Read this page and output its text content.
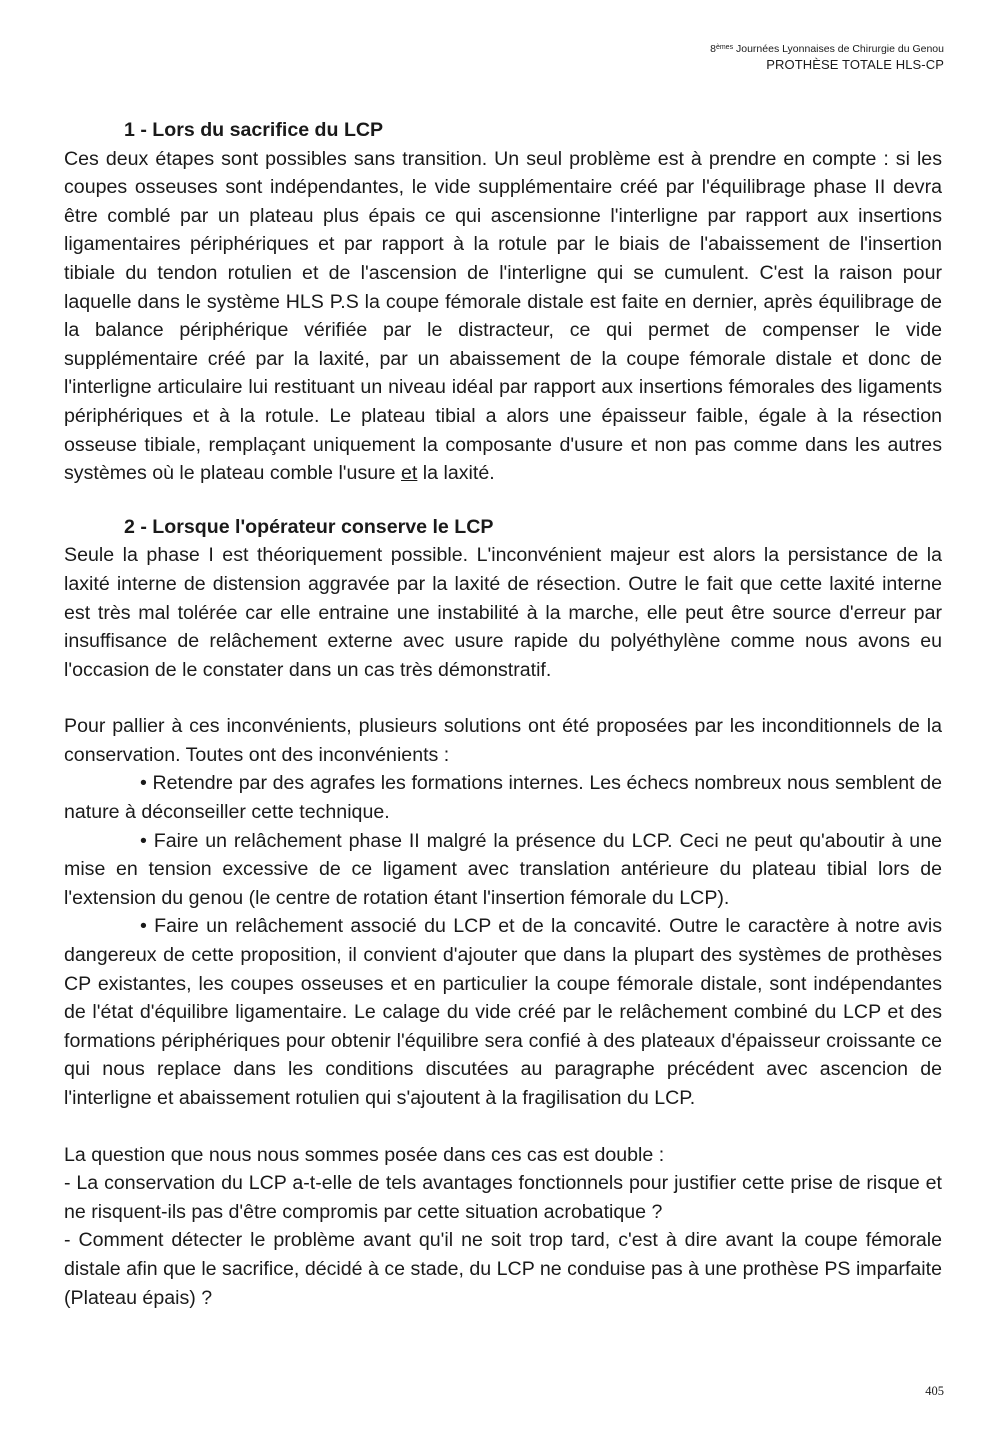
8èmes Journées Lyonnaises de Chirurgie du Genou
PROTHÈSE TOTALE HLS-CP
1 - Lors du sacrifice du LCP

Ces deux étapes sont possibles sans transition. Un seul problème est à prendre en compte : si les coupes osseuses sont indépendantes, le vide supplémentaire créé par l'équilibrage phase II devra être comblé par un plateau plus épais ce qui ascensionne l'interligne par rapport aux insertions ligamentaires périphériques et par rapport à la rotule par le biais de l'abaissement de l'insertion tibiale du tendon rotulien et de l'ascension de l'interligne qui se cumulent. C'est la raison pour laquelle dans le système HLS P.S la coupe fémorale distale est faite en dernier, après équilibrage de la balance périphérique vérifiée par le distracteur, ce qui permet de compenser le vide supplémentaire créé par la laxité, par un abaissement de la coupe fémorale distale et donc de l'interligne articulaire lui restituant un niveau idéal par rapport aux insertions fémorales des ligaments périphériques et à la rotule. Le plateau tibial a alors une épaisseur faible, égale à la résection osseuse tibiale, remplaçant uniquement la composante d'usure et non pas comme dans les autres systèmes où le plateau comble l'usure et la laxité.

2 - Lorsque l'opérateur conserve le LCP

Seule la phase I est théoriquement possible. L'inconvénient majeur est alors la persistance de la laxité interne de distension aggravée par la laxité de résection. Outre le fait que cette laxité interne est très mal tolérée car elle entraine une instabilité à la marche, elle peut être source d'erreur par insuffisance de relâchement externe avec usure rapide du polyéthylène comme nous avons eu l'occasion de le constater dans un cas très démonstratif.

Pour pallier à ces inconvénients, plusieurs solutions ont été proposées par les inconditionnels de la conservation. Toutes ont des inconvénients :

• Retendre par des agrafes les formations internes. Les échecs nombreux nous semblent de nature à déconseiller cette technique.

• Faire un relâchement phase II malgré la présence du LCP. Ceci ne peut qu'aboutir à une mise en tension excessive de ce ligament avec translation antérieure du plateau tibial lors de l'extension du genou (le centre de rotation étant l'insertion fémorale du LCP).

• Faire un relâchement associé du LCP et de la concavité. Outre le caractère à notre avis dangereux de cette proposition, il convient d'ajouter que dans la plupart des systèmes de prothèses CP existantes, les coupes osseuses et en particulier la coupe fémorale distale, sont indépendantes de l'état d'équilibre ligamentaire. Le calage du vide créé par le relâchement combiné du LCP et des formations périphériques pour obtenir l'équilibre sera confié à des plateaux d'épaisseur croissante ce qui nous replace dans les conditions discutées au paragraphe précédent avec ascencion de l'interligne et abaissement rotulien qui s'ajoutent à la fragilisation du LCP.

La question que nous nous sommes posée dans ces cas est double :

- La conservation du LCP a-t-elle de tels avantages fonctionnels pour justifier cette prise de risque et ne risquent-ils pas d'être compromis par cette situation acrobatique ?

- Comment détecter le problème avant qu'il ne soit trop tard, c'est à dire avant la coupe fémorale distale afin que le sacrifice, décidé à ce stade, du LCP ne conduise pas à une prothèse PS imparfaite (Plateau épais) ?

405
